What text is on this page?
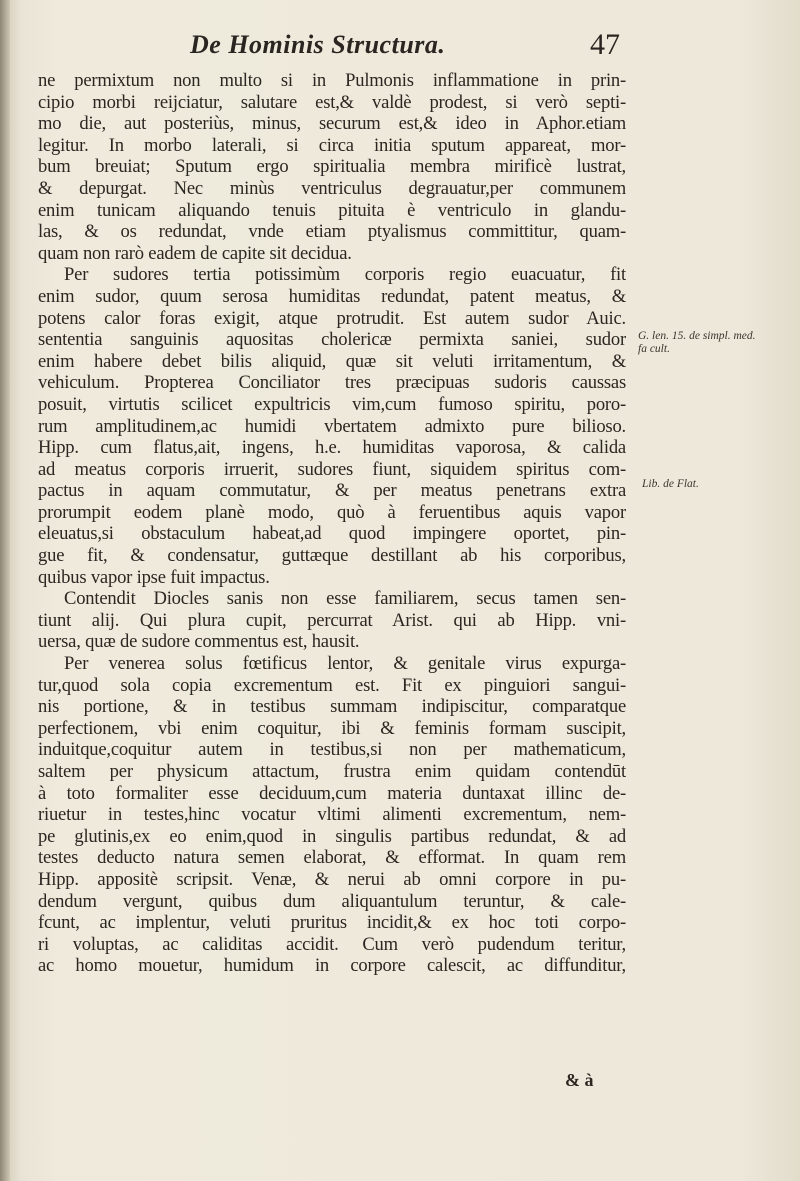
De Hominis Structura.	47
ne permixtum non multo si in Pulmonis inflammatione in prin-
cipio morbi reijciatur, salutare est,& valdè prodest, si verò septi-
mo die, aut posteriùs, minus, securum est,& ideo in Aphor.etiam
legitur. In morbo laterali, si circa initia sputum appareat, mor-
bum breuiat; Sputum ergo spiritualia membra mirificè lustrat,
& depurgat. Nec minùs ventriculus degrauatur,per communem
enim tunicam aliquando tenuis pituita è ventriculo in glandu-
las, & os redundat, vnde etiam ptyalismus committitur, quam-
quam non rarò eadem de capite sit decidua.
Per sudores tertia potissimùm corporis regio euacuatur, fit
enim sudor, quum serosa humiditas redundat, patent meatus, &
potens calor foras exigit, atque protrudit. Est autem sudor Auic.
sententia sanguinis aquositas cholericæ permixta saniei, sudor
enim habere debet bilis aliquid, quæ sit veluti irritamentum, &
vehiculum. Propterea Conciliator tres præcipuas sudoris caussas
posuit, virtutis scilicet expultricis vim,cum fumoso spiritu, poro-
rum amplitudinem,ac humidi vbertatem admixto pure bilioso.
Hipp. cum flatus,ait, ingens, h.e. humiditas vaporosa, & calida
ad meatus corporis irruerit, sudores fiunt, siquidem spiritus com-
pactus in aquam commutatur, & per meatus penetrans extra
prorumpit eodem planè modo, quò à feruentibus aquis vapor
eleuatus,si obstaculum habeat,ad quod impingere oportet, pin-
gue fit, & condensatur, guttæque destillant ab his corporibus,
quibus vapor ipse fuit impactus.
Contendit Diocles sanis non esse familiarem, secus tamen sen-
tiunt alij. Qui plura cupit, percurrat Arist. qui ab Hipp. vni-
uersa, quæ de sudore commentus est, hausit.
Per venerea solus fœtificus lentor, & genitale virus expurga-
tur,quod sola copia excrementum est. Fit ex pinguiori sangui-
nis portione, & in testibus summam indipiscitur, comparatque
perfectionem, vbi enim coquitur, ibi & feminis formam suscipit,
induitque,coquitur autem in testibus,si non per mathematicum,
saltem per physicum attactum, frustra enim quidam contendūt
à toto formaliter esse deciduum,cum materia duntaxat illinc de-
riuetur in testes,hinc vocatur vltimi alimenti excrementum, nem-
pe glutinis,ex eo enim,quod in singulis partibus redundat, & ad
testes deducto natura semen elaborat, & efformat. In quam rem
Hipp. appositè scripsit. Venæ, & nerui ab omni corpore in pu-
dendum vergunt, quibus dum aliquantulum teruntur, & cale-
fcunt, ac implentur, veluti pruritus incidit,& ex hoc toti corpo-
ri voluptas, ac caliditas accidit. Cum verò pudendum teritur,
ac homo mouetur, humidum in corpore calescit, ac diffunditur,
G. len. 15. de simpl. med. fa cult.
Lib. de Flat.
& à
